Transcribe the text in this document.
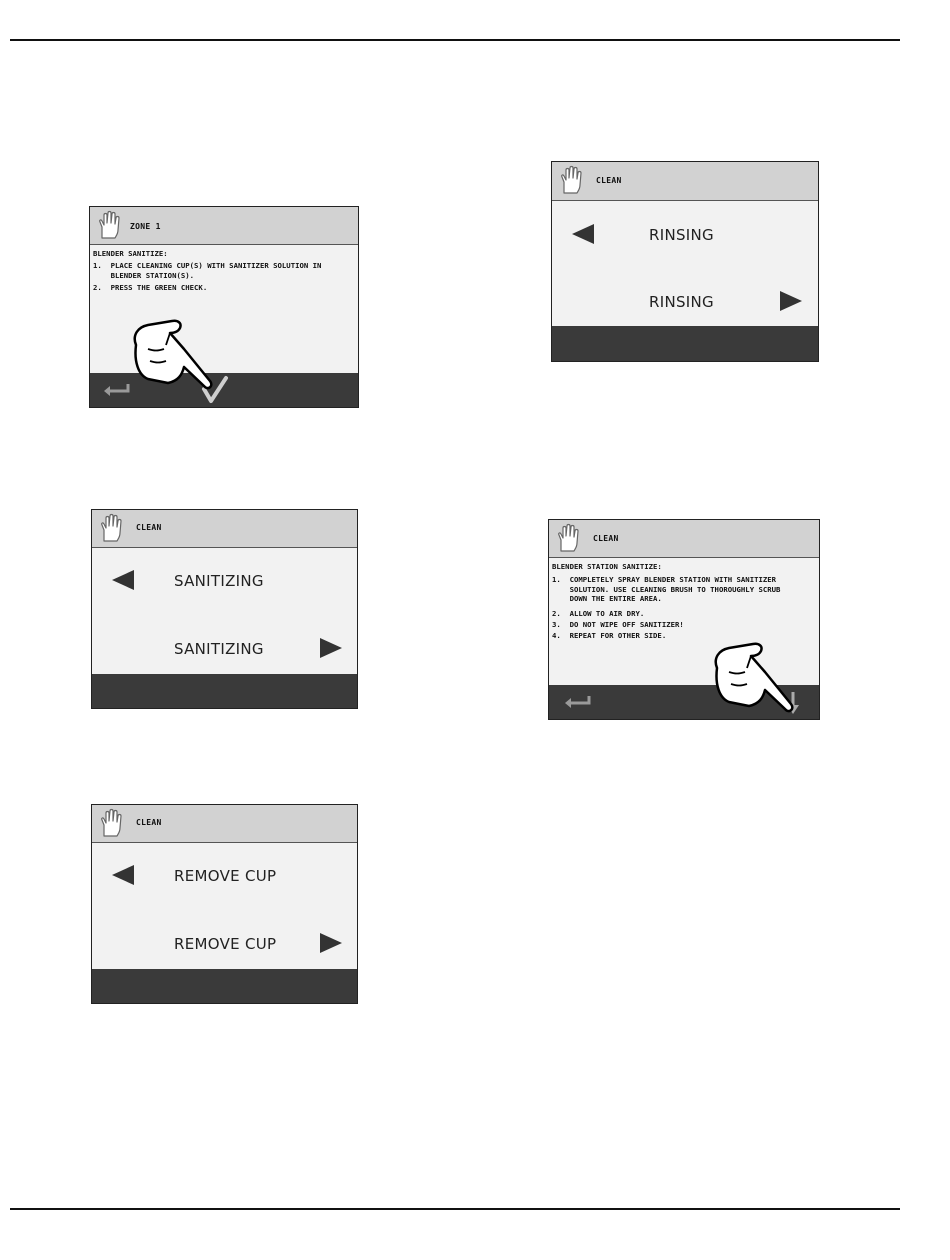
ZONE 1
BLENDER SANITIZE:
1.  PLACE CLEANING CUP(S) WITH SANITIZER SOLUTION IN
BLENDER STATION(S).
2.  PRESS THE GREEN CHECK.
CLEAN
SANITIZING
SANITIZING
CLEAN
REMOVE CUP
REMOVE CUP
CLEAN
RINSING
RINSING
CLEAN
BLENDER STATION SANITIZE:
1.  COMPLETELY SPRAY BLENDER STATION WITH SANITIZER
SOLUTION. USE CLEANING BRUSH TO THOROUGHLY SCRUB
DOWN THE ENTIRE AREA.
2.  ALLOW TO AIR DRY.
3.  DO NOT WIPE OFF SANITIZER!
4.  REPEAT FOR OTHER SIDE.
